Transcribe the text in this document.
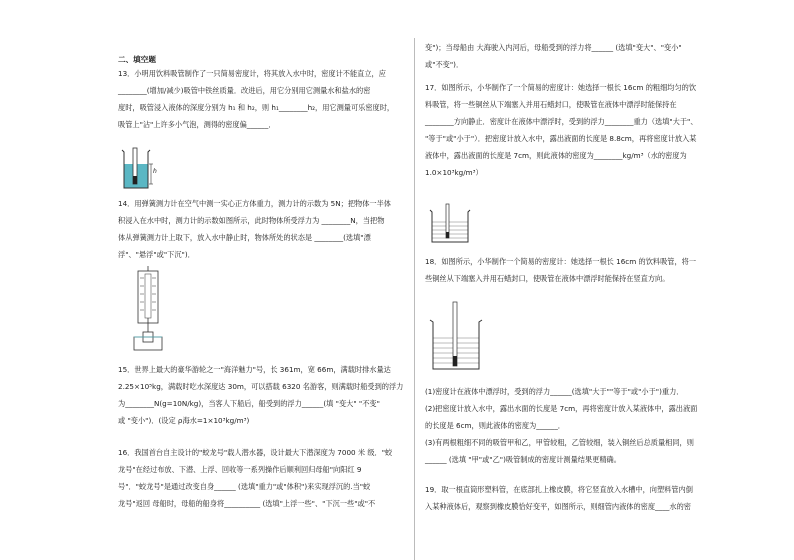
二、填空题
13．小明用饮料吸管制作了一只简易密度计，将其放入水中时，密度计不能直立，应
________(增加/减少)吸管中铁丝质量．改进后，用它分别用它测量水和盐水的密
度时，吸管浸入液体的深度分别为 h₁ 和 h₂，则 h₁________h₂，用它测量可乐密度时，
吸管上"沾"上许多小气泡，测得的密度偏______．
14．用弹簧测力计在空气中测一实心正方体重力，测力计的示数为 5N；把物体一半体
积浸入在水中时，测力计的示数如图所示，此时物体所受浮力为 ________N，当把物
体从弹簧测力计上取下，放入水中静止时，物体所处的状态是 ________(选填"漂
浮"、"悬浮"或"下沉")．
15．世界上最大的豪华游轮之一"海洋魅力"号，长 361m，宽 66m，满载时排水量达
2.25×10⁵kg，满载时吃水深度达 30m，可以搭载 6320 名游客，则满载时船受到的浮力
为________N(g=10N/kg)，当客人下船后，船受到的浮力______(填 "变大" "不变"
或 "变小")．(设定 ρ海水=1×10³kg/m³)
16．我国首台自主设计的"蛟龙号"载人潜水器，设计最大下潜深度为 7000 米 级．"蛟
龙号"在经过布放、下潜、上浮、回收等一系列操作后顺利回归母船"向阳红 9
号"．"蛟龙号"是通过改变自身______ (选填"重力"或"体积")来实现浮沉的.当"蛟
龙号"返回 母船时，母船的船身将__________ (选填"上浮一些"、"下沉一些"或"不
h
变")；当母船由 大海驶入内河后，母船受到的浮力将______ (选填"变大"、"变小"
或"不变")．
17．如图所示，小华制作了一个简易的密度计：她选择一根长 16cm 的粗细均匀的饮
料吸管，将一些铜丝从下端塞入并用石蜡封口，使吸管在液体中漂浮时能保持在
________方向静止．密度计在液体中漂浮时，受到的浮力________重力（选填"大于"、
"等于"或"小于"）．把密度计放入水中，露出液面的长度是 8.8cm，再将密度计放入某
液体中，露出液面的长度是 7cm，则此液体的密度为________kg/m³（水的密度为
1.0×10³kg/m³）
18．如图所示，小华制作一个简易的密度计：她选择一根长 16cm 的饮料吸管，将一
些铜丝从下端塞入并用石蜡封口，使吸管在液体中漂浮时能保持在竖直方向。
(1)密度计在液体中漂浮时，受到的浮力______(选填"大于""等于"或"小于")重力．
(2)把密度计放入水中，露出水面的长度是 7cm，再将密度计放入某液体中，露出液面
的长度是 6cm，则此液体的密度为______．
(3)有两根粗细不同的吸管甲和乙，甲管较粗，乙管较细，装入铜丝后总质量相同，则
______ (选填 "甲"或"乙")吸管制成的密度计测量结果更精确。
19．取一根直筒形塑料管，在底部扎上橡皮膜，将它竖直放入水槽中，向塑料管内倒
入某种液体后，观察到橡皮膜恰好变平，如图所示，则细管内液体的密度____水的密
